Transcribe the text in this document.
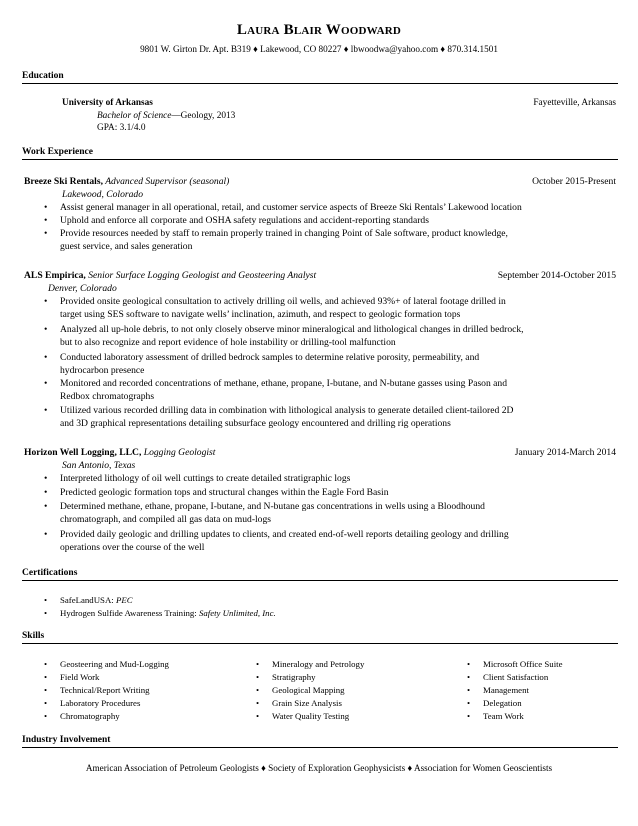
Laura Blair Woodward
9801 W. Girton Dr. Apt. B319 ♦ Lakewood, CO 80227 ♦ lbwoodwa@yahoo.com ♦ 870.314.1501
Education
University of Arkansas	Fayetteville, Arkansas
Bachelor of Science—Geology, 2013
GPA: 3.1/4.0
Work Experience
Breeze Ski Rentals, Advanced Supervisor (seasonal)	October 2015-Present
Lakewood, Colorado
•	Assist general manager in all operational, retail, and customer service aspects of Breeze Ski Rentals’ Lakewood location
•	Uphold and enforce all corporate and OSHA safety regulations and accident-reporting standards
•	Provide resources needed by staff to remain properly trained in changing Point of Sale software, product knowledge,
guest service, and sales generation
ALS Empirica, Senior Surface Logging Geologist and Geosteering Analyst	September 2014-October 2015
Denver, Colorado
•	Provided onsite geological consultation to actively drilling oil wells, and achieved 93%+ of lateral footage drilled in
target using SES software to navigate wells’ inclination, azimuth, and respect to geologic formation tops
•	Analyzed all up-hole debris, to not only closely observe minor mineralogical and lithological changes in drilled bedrock,
but to also recognize and report evidence of hole instability or drilling-tool malfunction
•	Conducted laboratory assessment of drilled bedrock samples to determine relative porosity, permeability, and
hydrocarbon presence
•	Monitored and recorded concentrations of methane, ethane, propane, I-butane, and N-butane gasses using Pason and
Redbox chromatographs
•	Utilized various recorded drilling data in combination with lithological analysis to generate detailed client-tailored 2D
and 3D graphical representations detailing subsurface geology encountered and drilling rig operations
Horizon Well Logging, LLC, Logging Geologist	January 2014-March 2014
San Antonio, Texas
•	Interpreted lithology of oil well cuttings to create detailed stratigraphic logs
•	Predicted geologic formation tops and structural changes within the Eagle Ford Basin
•	Determined methane, ethane, propane, I-butane, and N-butane gas concentrations in wells using a Bloodhound
chromatograph, and compiled all gas data on mud-logs
•	Provided daily geologic and drilling updates to clients, and created end-of-well reports detailing geology and drilling
operations over the course of the well
Certifications
•	SafeLandUSA: PEC
•	Hydrogen Sulfide Awareness Training: Safety Unlimited, Inc.
Skills
• Geosteering and Mud-Logging
• Field Work
• Technical/Report Writing
• Laboratory Procedures
• Chromatography
• Mineralogy and Petrology
• Stratigraphy
• Geological Mapping
• Grain Size Analysis
• Water Quality Testing
• Microsoft Office Suite
• Client Satisfaction
• Management
• Delegation
• Team Work
Industry Involvement
American Association of Petroleum Geologists ♦ Society of Exploration Geophysicists ♦ Association for Women Geoscientists
